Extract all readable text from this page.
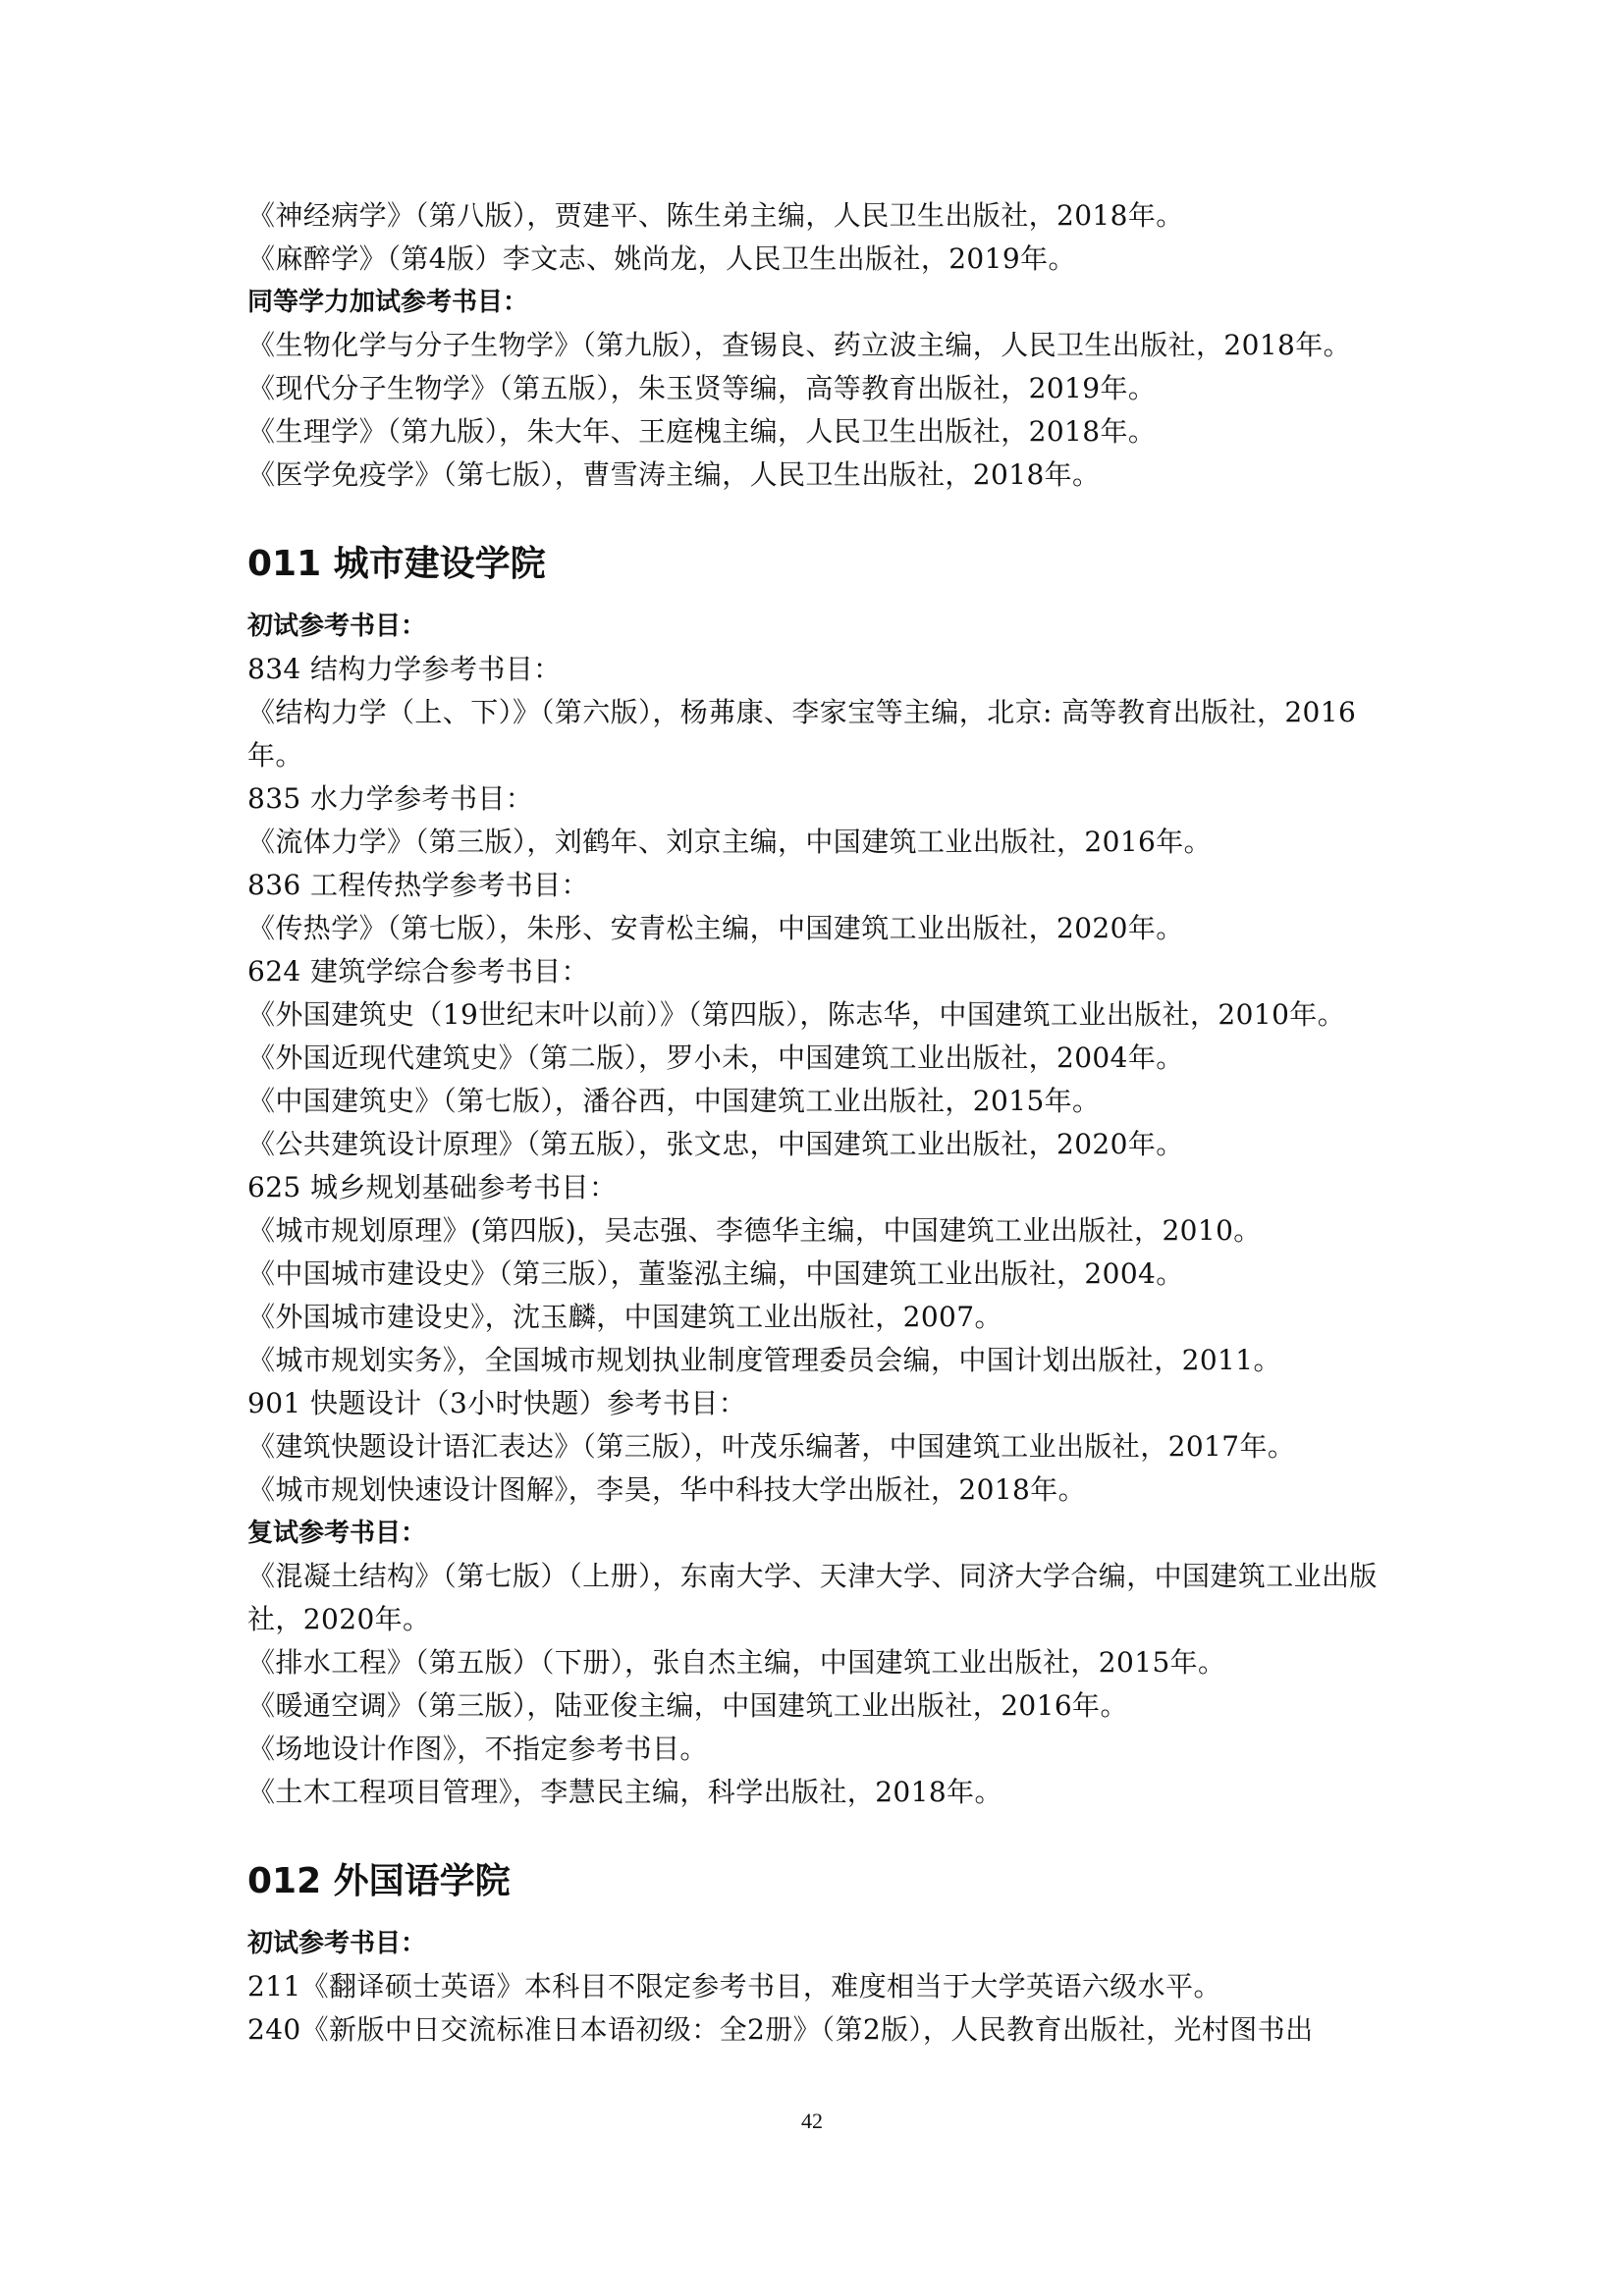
《神经病学》（第八版），贾建平、陈生弟主编，人民卫生出版社，2018年。
《麻醉学》（第4版）李文志、姚尚龙，人民卫生出版社，2019年。
同等学力加试参考书目：
《生物化学与分子生物学》（第九版），查锡良、药立波主编，人民卫生出版社，2018年。
《现代分子生物学》（第五版），朱玉贤等编，高等教育出版社，2019年。
《生理学》（第九版），朱大年、王庭槐主编，人民卫生出版社，2018年。
《医学免疫学》（第七版），曹雪涛主编，人民卫生出版社，2018年。
011 城市建设学院
初试参考书目：
834 结构力学参考书目：
《结构力学（上、下）》（第六版），杨茀康、李家宝等主编，北京: 高等教育出版社，2016年。
835 水力学参考书目：
《流体力学》（第三版），刘鹤年、刘京主编，中国建筑工业出版社，2016年。
836 工程传热学参考书目：
《传热学》（第七版），朱彤、安青松主编，中国建筑工业出版社，2020年。
624 建筑学综合参考书目：
《外国建筑史（19世纪末叶以前）》（第四版），陈志华，中国建筑工业出版社，2010年。
《外国近现代建筑史》（第二版），罗小未，中国建筑工业出版社，2004年。
《中国建筑史》（第七版），潘谷西，中国建筑工业出版社，2015年。
《公共建筑设计原理》（第五版），张文忠，中国建筑工业出版社，2020年。
625 城乡规划基础参考书目：
《城市规划原理》(第四版)，吴志强、李德华主编，中国建筑工业出版社，2010。
《中国城市建设史》（第三版），董鉴泓主编，中国建筑工业出版社，2004。
《外国城市建设史》，沈玉麟，中国建筑工业出版社，2007。
《城市规划实务》，全国城市规划执业制度管理委员会编，中国计划出版社，2011。
901 快题设计（3小时快题）参考书目：
《建筑快题设计语汇表达》（第三版），叶茂乐编著，中国建筑工业出版社，2017年。
《城市规划快速设计图解》，李昊，华中科技大学出版社，2018年。
复试参考书目：
《混凝土结构》（第七版）（上册），东南大学、天津大学、同济大学合编，中国建筑工业出版社，2020年。
《排水工程》（第五版）（下册），张自杰主编，中国建筑工业出版社，2015年。
《暖通空调》（第三版），陆亚俊主编，中国建筑工业出版社，2016年。
《场地设计作图》，不指定参考书目。
《土木工程项目管理》，李慧民主编，科学出版社，2018年。
012 外国语学院
初试参考书目：
211《翻译硕士英语》本科目不限定参考书目，难度相当于大学英语六级水平。
240《新版中日交流标准日本语初级：全2册》（第2版），人民教育出版社，光村图书出
42
